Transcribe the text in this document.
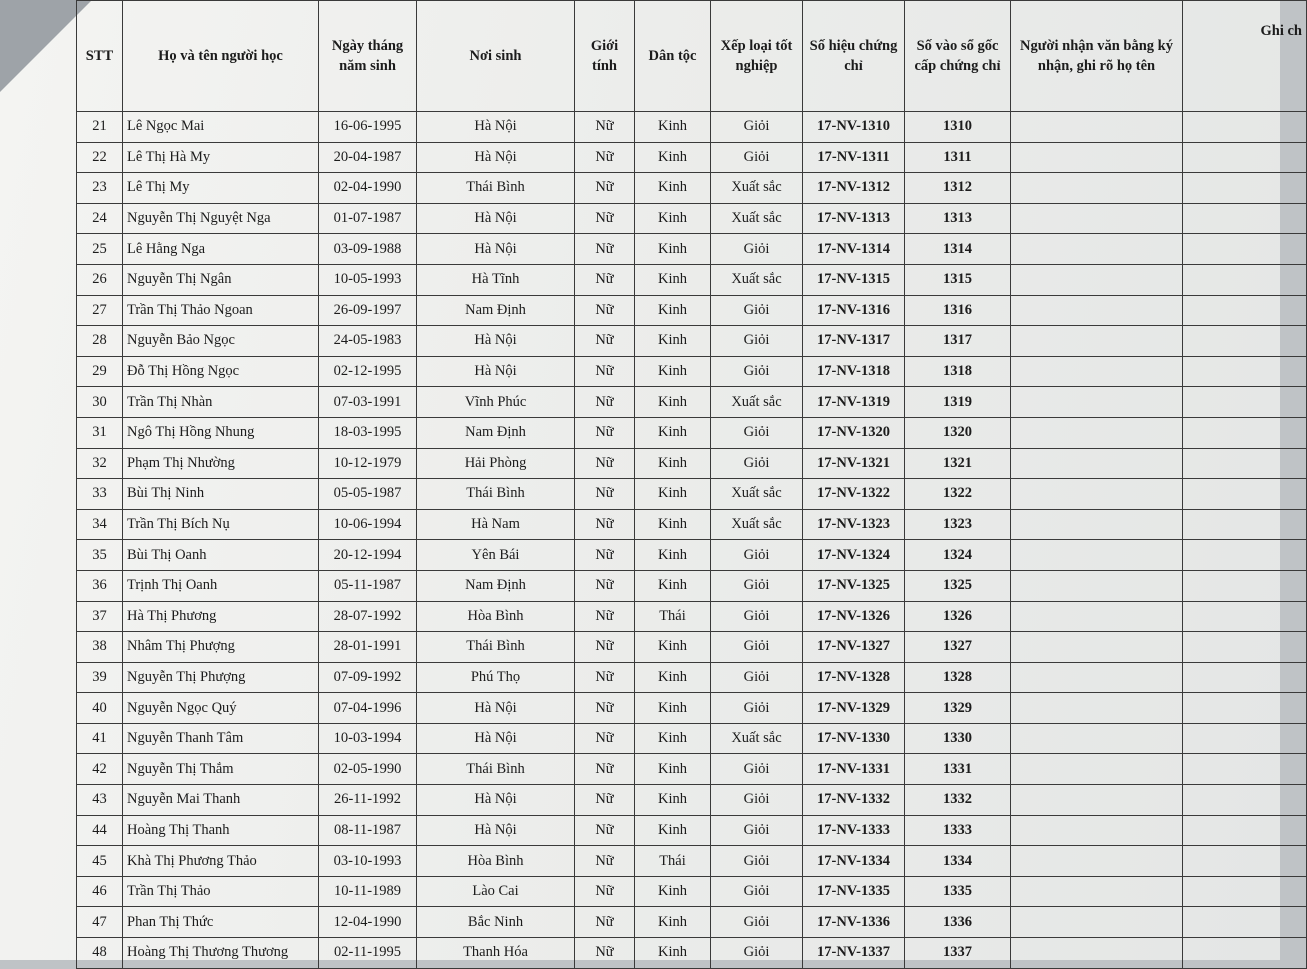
STT	Họ và tên người học	Ngày tháng năm sinh	Nơi sinh	Giới tính	Dân tộc	Xếp loại tốt nghiệp	Số hiệu chứng chỉ	Số vào sổ gốc cấp chứng chỉ	Người nhận văn bằng ký nhận, ghi rõ họ tên	Ghi ch
21	Lê Ngọc Mai	16-06-1995	Hà Nội	Nữ	Kinh	Giỏi	17-NV-1310	1310		
22	Lê Thị Hà My	20-04-1987	Hà Nội	Nữ	Kinh	Giỏi	17-NV-1311	1311		
23	Lê Thị My	02-04-1990	Thái Bình	Nữ	Kinh	Xuất sắc	17-NV-1312	1312		
24	Nguyễn Thị Nguyệt Nga	01-07-1987	Hà Nội	Nữ	Kinh	Xuất sắc	17-NV-1313	1313		
25	Lê Hằng Nga	03-09-1988	Hà Nội	Nữ	Kinh	Giỏi	17-NV-1314	1314		
26	Nguyễn Thị Ngân	10-05-1993	Hà Tĩnh	Nữ	Kinh	Xuất sắc	17-NV-1315	1315		
27	Trần Thị Thảo Ngoan	26-09-1997	Nam Định	Nữ	Kinh	Giỏi	17-NV-1316	1316		
28	Nguyễn Bảo Ngọc	24-05-1983	Hà Nội	Nữ	Kinh	Giỏi	17-NV-1317	1317		
29	Đỗ Thị Hồng Ngọc	02-12-1995	Hà Nội	Nữ	Kinh	Giỏi	17-NV-1318	1318		
30	Trần Thị Nhàn	07-03-1991	Vĩnh Phúc	Nữ	Kinh	Xuất sắc	17-NV-1319	1319		
31	Ngô Thị Hồng Nhung	18-03-1995	Nam Định	Nữ	Kinh	Giỏi	17-NV-1320	1320		
32	Phạm Thị Nhường	10-12-1979	Hải Phòng	Nữ	Kinh	Giỏi	17-NV-1321	1321		
33	Bùi Thị Ninh	05-05-1987	Thái Bình	Nữ	Kinh	Xuất sắc	17-NV-1322	1322		
34	Trần Thị Bích Nụ	10-06-1994	Hà Nam	Nữ	Kinh	Xuất sắc	17-NV-1323	1323		
35	Bùi Thị Oanh	20-12-1994	Yên Bái	Nữ	Kinh	Giỏi	17-NV-1324	1324		
36	Trịnh Thị Oanh	05-11-1987	Nam Định	Nữ	Kinh	Giỏi	17-NV-1325	1325		
37	Hà Thị Phương	28-07-1992	Hòa Bình	Nữ	Thái	Giỏi	17-NV-1326	1326		
38	Nhâm Thị Phượng	28-01-1991	Thái Bình	Nữ	Kinh	Giỏi	17-NV-1327	1327		
39	Nguyễn Thị Phượng	07-09-1992	Phú Thọ	Nữ	Kinh	Giỏi	17-NV-1328	1328		
40	Nguyễn Ngọc Quý	07-04-1996	Hà Nội	Nữ	Kinh	Giỏi	17-NV-1329	1329		
41	Nguyễn Thanh Tâm	10-03-1994	Hà Nội	Nữ	Kinh	Xuất sắc	17-NV-1330	1330		
42	Nguyễn Thị Thắm	02-05-1990	Thái Bình	Nữ	Kinh	Giỏi	17-NV-1331	1331		
43	Nguyễn Mai Thanh	26-11-1992	Hà Nội	Nữ	Kinh	Giỏi	17-NV-1332	1332		
44	Hoàng Thị Thanh	08-11-1987	Hà Nội	Nữ	Kinh	Giỏi	17-NV-1333	1333		
45	Khà Thị Phương Thảo	03-10-1993	Hòa Bình	Nữ	Thái	Giỏi	17-NV-1334	1334		
46	Trần Thị Thảo	10-11-1989	Lào Cai	Nữ	Kinh	Giỏi	17-NV-1335	1335		
47	Phan Thị Thức	12-04-1990	Bắc Ninh	Nữ	Kinh	Giỏi	17-NV-1336	1336		
48	Hoàng Thị Thương Thương	02-11-1995	Thanh Hóa	Nữ	Kinh	Giỏi	17-NV-1337	1337		
